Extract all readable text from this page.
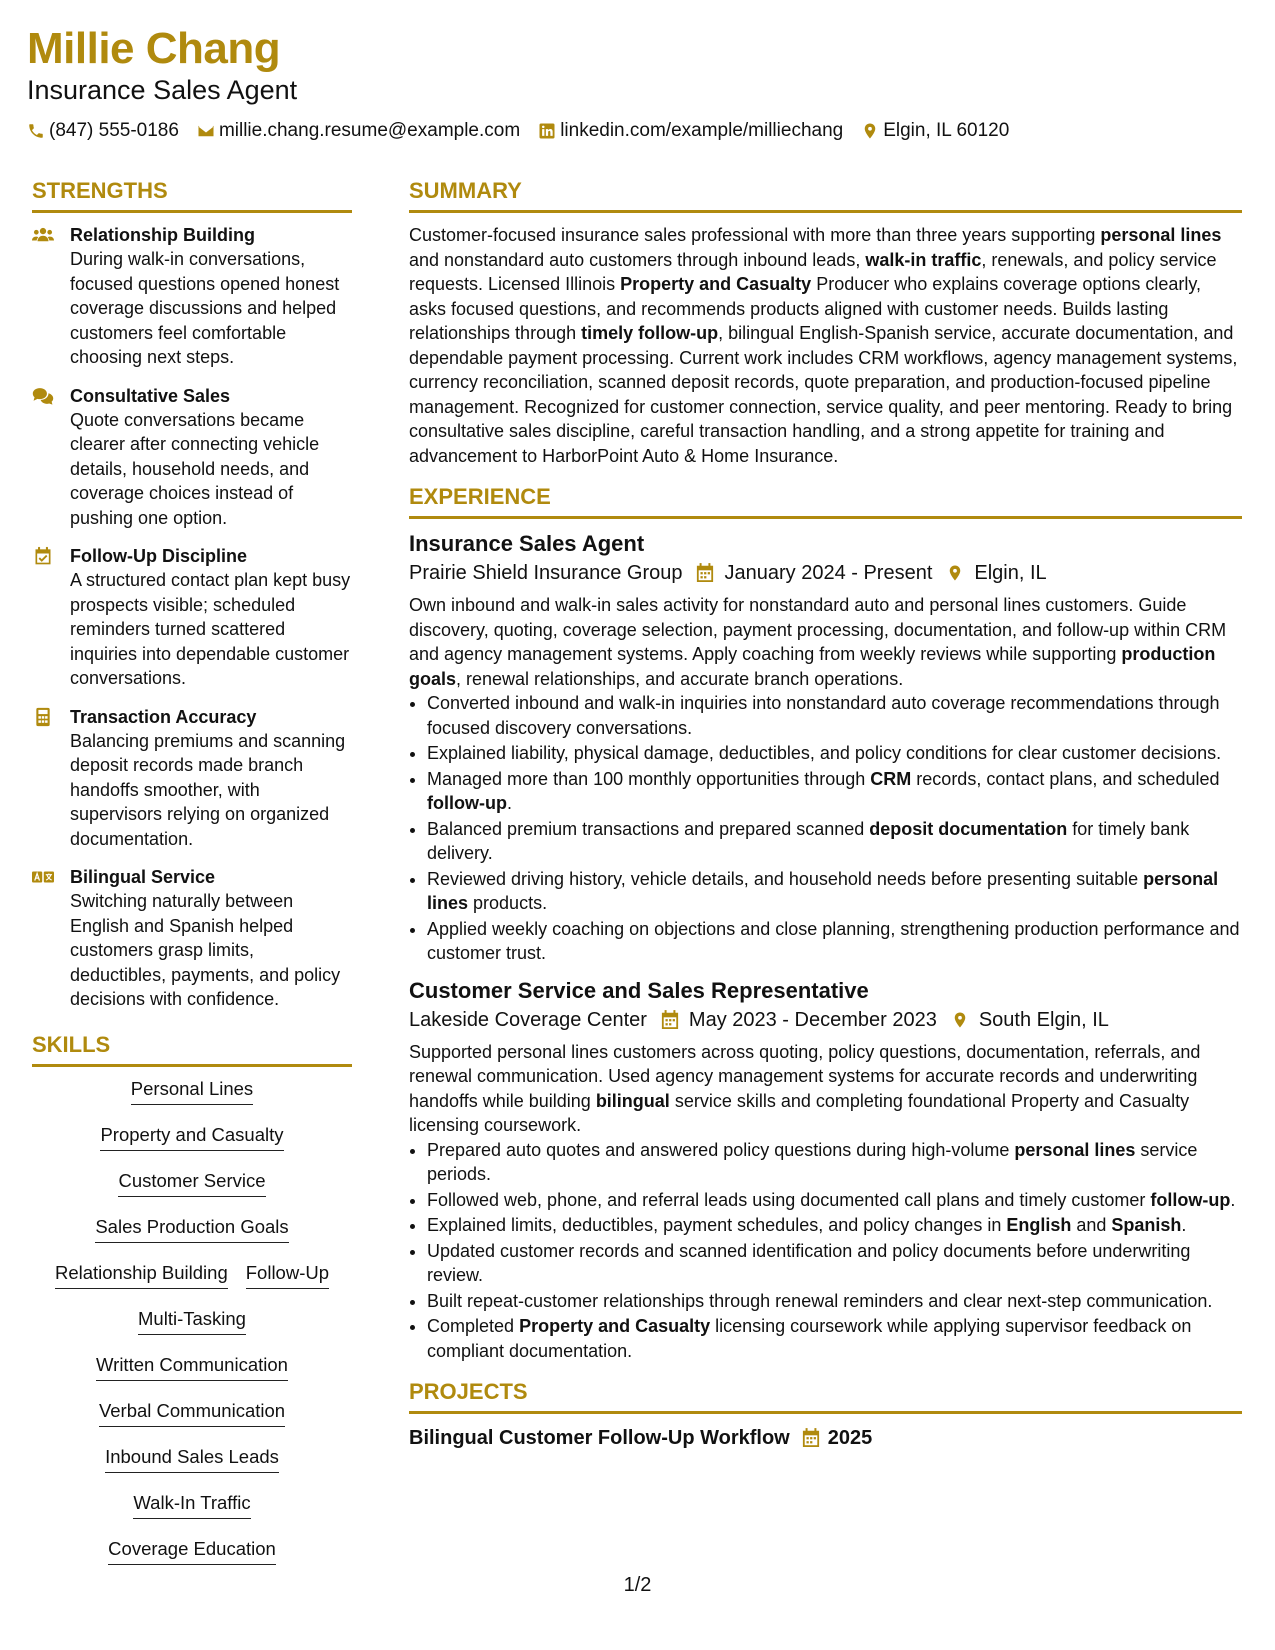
Millie Chang
Insurance Sales Agent
(847) 555-0186 millie.chang.resume@example.com linkedin.com/example/milliechang Elgin, IL 60120
STRENGTHS
Relationship Building
During walk-in conversations, focused questions opened honest coverage discussions and helped customers feel comfortable choosing next steps.
Consultative Sales
Quote conversations became clearer after connecting vehicle details, household needs, and coverage choices instead of pushing one option.
Follow-Up Discipline
A structured contact plan kept busy prospects visible; scheduled reminders turned scattered inquiries into dependable customer conversations.
Transaction Accuracy
Balancing premiums and scanning deposit records made branch handoffs smoother, with supervisors relying on organized documentation.
Bilingual Service
Switching naturally between English and Spanish helped customers grasp limits, deductibles, payments, and policy decisions with confidence.
SKILLS
Personal Lines
Property and Casualty
Customer Service
Sales Production Goals
Relationship Building Follow-Up
Multi-Tasking
Written Communication
Verbal Communication
Inbound Sales Leads
Walk-In Traffic
Coverage Education
SUMMARY
Customer-focused insurance sales professional with more than three years supporting personal lines and nonstandard auto customers through inbound leads, walk-in traffic, renewals, and policy service requests. Licensed Illinois Property and Casualty Producer who explains coverage options clearly, asks focused questions, and recommends products aligned with customer needs. Builds lasting relationships through timely follow-up, bilingual English-Spanish service, accurate documentation, and dependable payment processing. Current work includes CRM workflows, agency management systems, currency reconciliation, scanned deposit records, quote preparation, and production-focused pipeline management. Recognized for customer connection, service quality, and peer mentoring. Ready to bring consultative sales discipline, careful transaction handling, and a strong appetite for training and advancement to HarborPoint Auto & Home Insurance.
EXPERIENCE
Insurance Sales Agent
Prairie Shield Insurance Group January 2024 - Present Elgin, IL
Own inbound and walk-in sales activity for nonstandard auto and personal lines customers. Guide discovery, quoting, coverage selection, payment processing, documentation, and follow-up within CRM and agency management systems. Apply coaching from weekly reviews while supporting production goals, renewal relationships, and accurate branch operations.
• Converted inbound and walk-in inquiries into nonstandard auto coverage recommendations through focused discovery conversations.
• Explained liability, physical damage, deductibles, and policy conditions for clear customer decisions.
• Managed more than 100 monthly opportunities through CRM records, contact plans, and scheduled follow-up.
• Balanced premium transactions and prepared scanned deposit documentation for timely bank delivery.
• Reviewed driving history, vehicle details, and household needs before presenting suitable personal lines products.
• Applied weekly coaching on objections and close planning, strengthening production performance and customer trust.
Customer Service and Sales Representative
Lakeside Coverage Center May 2023 - December 2023 South Elgin, IL
Supported personal lines customers across quoting, policy questions, documentation, referrals, and renewal communication. Used agency management systems for accurate records and underwriting handoffs while building bilingual service skills and completing foundational Property and Casualty licensing coursework.
• Prepared auto quotes and answered policy questions during high-volume personal lines service periods.
• Followed web, phone, and referral leads using documented call plans and timely customer follow-up.
• Explained limits, deductibles, payment schedules, and policy changes in English and Spanish.
• Updated customer records and scanned identification and policy documents before underwriting review.
• Built repeat-customer relationships through renewal reminders and clear next-step communication.
• Completed Property and Casualty licensing coursework while applying supervisor feedback on compliant documentation.
PROJECTS
Bilingual Customer Follow-Up Workflow 2025
1/2
